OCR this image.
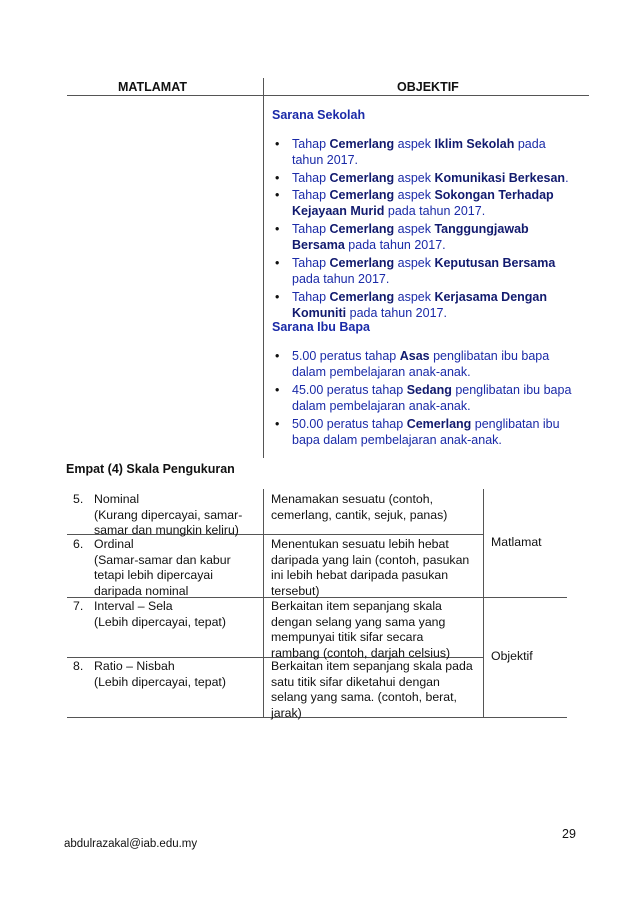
MATLAMAT	OBJEKTIF
Sarana Sekolah
• Tahap Cemerlang aspek Iklim Sekolah pada tahun 2017.
• Tahap Cemerlang aspek Komunikasi Berkesan.
• Tahap Cemerlang aspek Sokongan Terhadap Kejayaan Murid pada tahun 2017.
• Tahap Cemerlang aspek Tanggungjawab Bersama pada tahun 2017.
• Tahap Cemerlang aspek Keputusan Bersama pada tahun 2017.
• Tahap Cemerlang aspek Kerjasama Dengan Komuniti pada tahun 2017.
Sarana Ibu Bapa
• 5.00 peratus tahap Asas penglibatan ibu bapa dalam pembelajaran anak-anak.
• 45.00 peratus tahap Sedang penglibatan ibu bapa dalam pembelajaran anak-anak.
• 50.00 peratus tahap Cemerlang penglibatan ibu bapa dalam pembelajaran anak-anak.
Empat (4) Skala Pengukuran
5. Nominal
(Kurang dipercayai, samar-samar dan mungkin keliru)
Menamakan sesuatu (contoh, cemerlang, cantik, sejuk, panas)
6. Ordinal
(Samar-samar dan kabur tetapi lebih dipercayai daripada nominal
Menentukan sesuatu lebih hebat daripada yang lain (contoh, pasukan ini lebih hebat daripada pasukan tersebut)
7. Interval – Sela
(Lebih dipercayai, tepat)
Berkaitan item sepanjang skala dengan selang yang sama yang mempunyai titik sifar secara rambang (contoh, darjah celsius)
8. Ratio – Nisbah
(Lebih dipercayai, tepat)
Berkaitan item sepanjang skala pada satu titik sifar diketahui dengan selang yang sama. (contoh, berat, jarak)
Matlamat
Objektif
abdulrazakal@iab.edu.my
29
